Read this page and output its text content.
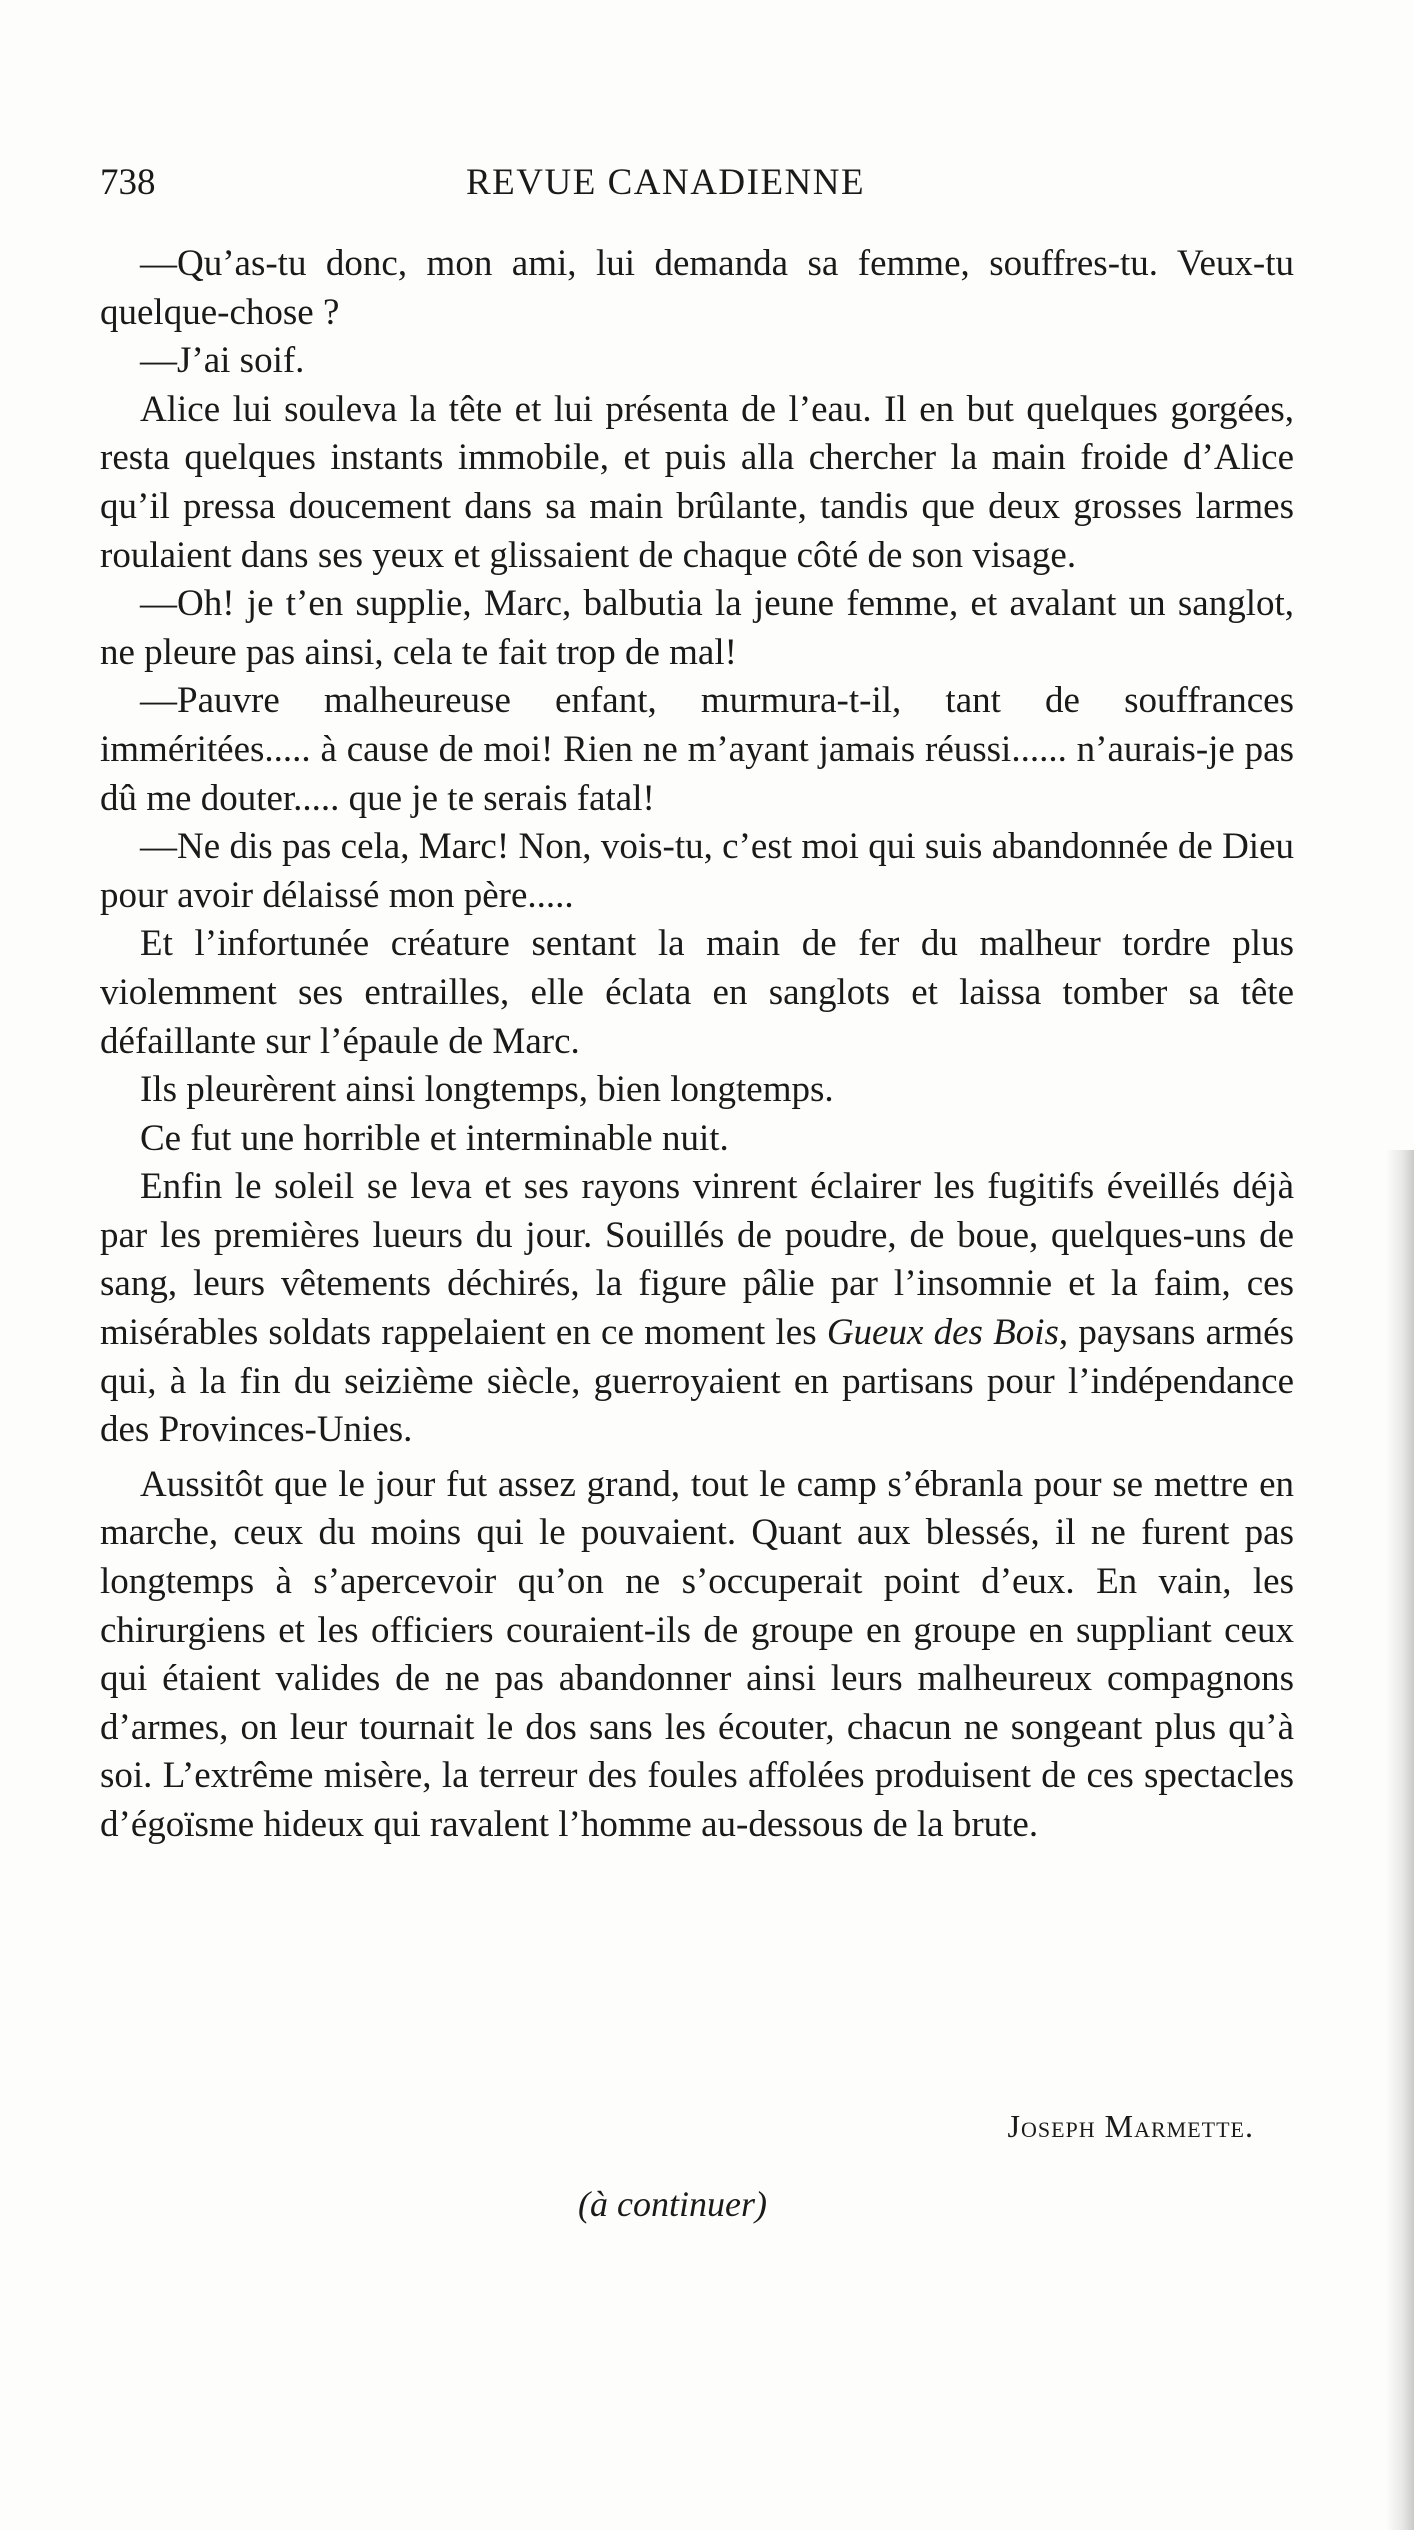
738	REVUE CANADIENNE

—Qu’as-tu donc, mon ami, lui demanda sa femme, souffres-tu. Veux-tu quelque-chose ?

—J’ai soif.

Alice lui souleva la tête et lui présenta de l’eau. Il en but quelques gorgées, resta quelques instants immobile, et puis alla chercher la main froide d’Alice qu’il pressa doucement dans sa main brûlante, tandis que deux grosses larmes roulaient dans ses yeux et glissaient de chaque côté de son visage.

—Oh! je t’en supplie, Marc, balbutia la jeune femme, et avalant un sanglot, ne pleure pas ainsi, cela te fait trop de mal!

—Pauvre malheureuse enfant, murmura-t-il, tant de souffrances imméritées..... à cause de moi! Rien ne m’ayant jamais réussi...... n’aurais-je pas dû me douter..... que je te serais fatal!

—Ne dis pas cela, Marc! Non, vois-tu, c’est moi qui suis abandonnée de Dieu pour avoir délaissé mon père.....

Et l’infortunée créature sentant la main de fer du malheur tordre plus violemment ses entrailles, elle éclata en sanglots et laissa tomber sa tête défaillante sur l’épaule de Marc.

Ils pleurèrent ainsi longtemps, bien longtemps.

Ce fut une horrible et interminable nuit.

Enfin le soleil se leva et ses rayons vinrent éclairer les fugitifs éveillés déjà par les premières lueurs du jour. Souillés de poudre, de boue, quelques-uns de sang, leurs vêtements déchirés, la figure pâlie par l’insomnie et la faim, ces misérables soldats rappelaient en ce moment les Gueux des Bois, paysans armés qui, à la fin du seizième siècle, guerroyaient en partisans pour l’indépendance des Provinces-Unies.

Aussitôt que le jour fut assez grand, tout le camp s’ébranla pour se mettre en marche, ceux du moins qui le pouvaient. Quant aux blessés, il ne furent pas longtemps à s’apercevoir qu’on ne s’occuperait point d’eux. En vain, les chirurgiens et les officiers couraient-ils de groupe en groupe en suppliant ceux qui étaient valides de ne pas abandonner ainsi leurs malheureux compagnons d’armes, on leur tournait le dos sans les écouter, chacun ne songeant plus qu’à soi. L’extrême misère, la terreur des foules affolées produisent de ces spectacles d’égoïsme hideux qui ravalent l’homme au-dessous de la brute.

Joseph Marmette.
(à continuer)
